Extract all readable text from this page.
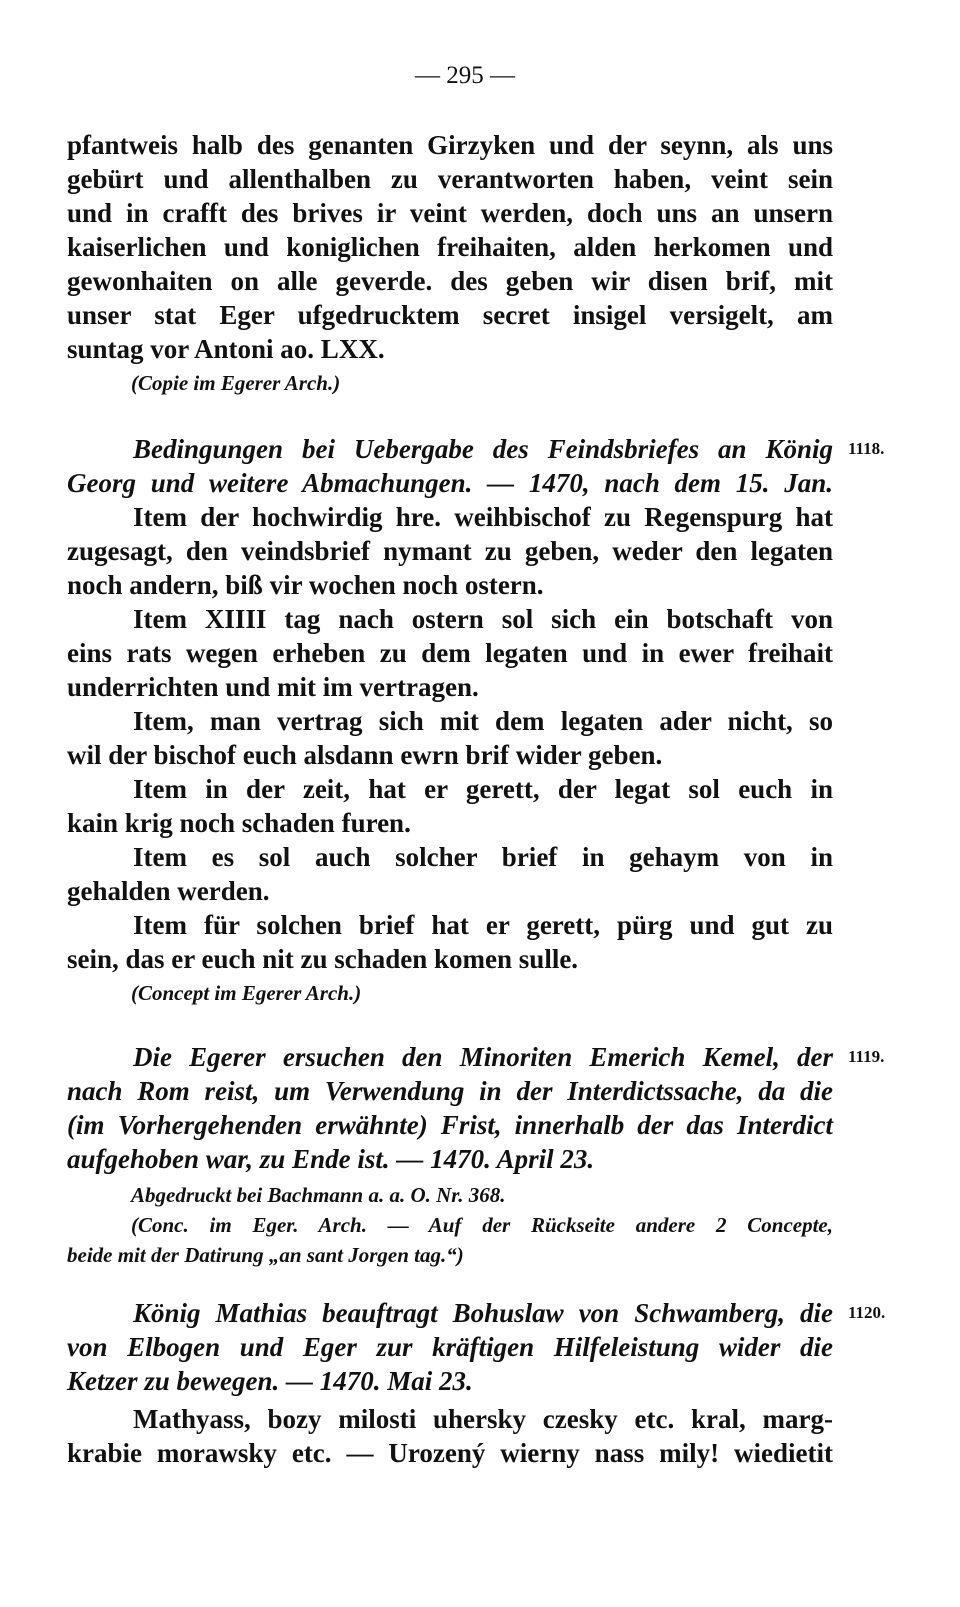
— 295 —
pfantweis halb des genanten Girzyken und der seynn, als uns
gebürt und allenthalben zu verantworten haben, veint sein
und in crafft des brives ir veint werden, doch uns an unsern
kaiserlichen und koniglichen freihaiten, alden herkomen und
gewonhaiten on alle geverde. des geben wir disen brif, mit
unser stat Eger ufgedrucktem secret insigel versigelt, am
suntag vor Antoni ao. LXX.
(Copie im Egerer Arch.)
1118.
Bedingungen bei Uebergabe des Feindsbriefes an König
Georg und weitere Abmachungen. — 1470, nach dem 15. Jan.
Item der hochwirdig hre. weihbischof zu Regenspurg hat
zugesagt, den veindsbrief nymant zu geben, weder den legaten
noch andern, biß vir wochen noch ostern.
Item XIIII tag nach ostern sol sich ein botschaft von
eins rats wegen erheben zu dem legaten und in ewer freihait
underrichten und mit im vertragen.
Item, man vertrag sich mit dem legaten ader nicht, so
wil der bischof euch alsdann ewrn brif wider geben.
Item in der zeit, hat er gerett, der legat sol euch in
kain krig noch schaden furen.
Item es sol auch solcher brief in gehaym von in
gehalden werden.
Item für solchen brief hat er gerett, pürg und gut zu
sein, das er euch nit zu schaden komen sulle.
(Concept im Egerer Arch.)
1119.
Die Egerer ersuchen den Minoriten Emerich Kemel, der
nach Rom reist, um Verwendung in der Interdictssache, da die
(im Vorhergehenden erwähnte) Frist, innerhalb der das Interdict
aufgehoben war, zu Ende ist. — 1470. April 23.
Abgedruckt bei Bachmann a. a. O. Nr. 368.
(Conc. im Eger. Arch. — Auf der Rückseite andere 2 Concepte,
beide mit der Datirung „an sant Jorgen tag.“)
1120.
König Mathias beauftragt Bohuslaw von Schwamberg, die
von Elbogen und Eger zur kräftigen Hilfeleistung wider die
Ketzer zu bewegen. — 1470. Mai 23.
Mathyass, bozy milosti uhersky czesky etc. kral, marg-
krabie morawsky etc. — Urozený wierny nass mily! wiedietit
